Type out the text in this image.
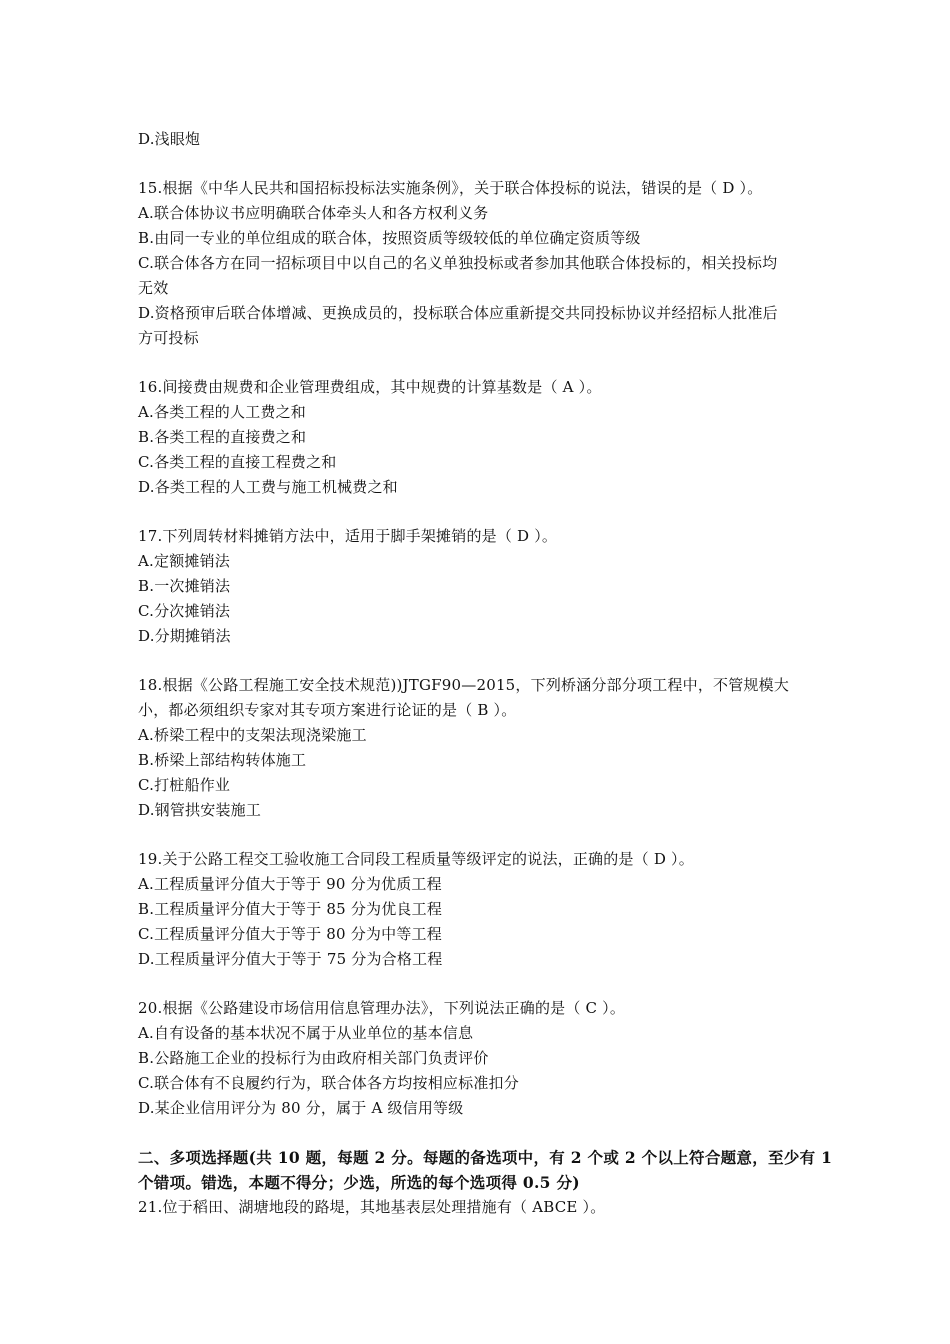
D.浅眼炮
15.根据《中华人民共和国招标投标法实施条例》，关于联合体投标的说法，错误的是（ D ）。
A.联合体协议书应明确联合体牵头人和各方权利义务
B.由同一专业的单位组成的联合体，按照资质等级较低的单位确定资质等级
C.联合体各方在同一招标项目中以自己的名义单独投标或者参加其他联合体投标的，相关投标均
无效
D.资格预审后联合体增减、更换成员的，投标联合体应重新提交共同投标协议并经招标人批准后
方可投标
16.间接费由规费和企业管理费组成，其中规费的计算基数是（ A ）。
A.各类工程的人工费之和
B.各类工程的直接费之和
C.各类工程的直接工程费之和
D.各类工程的人工费与施工机械费之和
17.下列周转材料摊销方法中，适用于脚手架摊销的是（ D ）。
A.定额摊销法
B.一次摊销法
C.分次摊销法
D.分期摊销法
18.根据《公路工程施工安全技术规范))JTGF90—2015，下列桥涵分部分项工程中，不管规模大
小，都必须组织专家对其专项方案进行论证的是（ B ）。
A.桥梁工程中的支架法现浇梁施工
B.桥梁上部结构转体施工
C.打桩船作业
D.钢管拱安装施工
19.关于公路工程交工验收施工合同段工程质量等级评定的说法，正确的是（ D ）。
A.工程质量评分值大于等于 90 分为优质工程
B.工程质量评分值大于等于 85 分为优良工程
C.工程质量评分值大于等于 80 分为中等工程
D.工程质量评分值大于等于 75 分为合格工程
20.根据《公路建设市场信用信息管理办法》，下列说法正确的是（ C ）。
A.自有设备的基本状况不属于从业单位的基本信息
B.公路施工企业的投标行为由政府相关部门负责评价
C.联合体有不良履约行为，联合体各方均按相应标准扣分
D.某企业信用评分为 80 分，属于 A 级信用等级
二、多项选择题(共 10 题，每题 2 分。每题的备选项中，有 2 个或 2 个以上符合题意，至少有 1
个错项。错选，本题不得分；少选，所选的每个选项得 0.5 分)
21.位于稻田、湖塘地段的路堤，其地基表层处理措施有（ ABCE ）。
